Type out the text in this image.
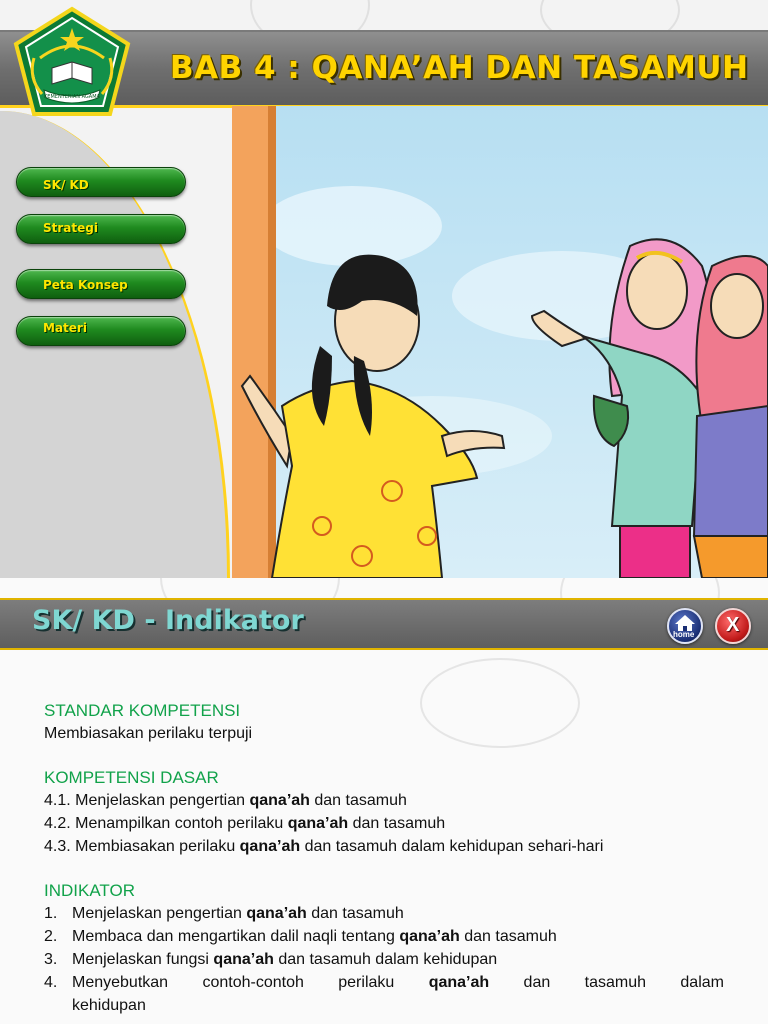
BAB 4 : QANA’AH DAN TASAMUH
SK/ KD
Strategi
Peta Konsep
Materi
KEMENTERIAN AGAMA
SK/ KD - Indikator	home X
STANDAR KOMPETENSI
Membiasakan perilaku terpuji
KOMPETENSI DASAR
4.1. Menjelaskan pengertian qana’ah dan tasamuh
4.2. Menampilkan contoh perilaku qana’ah dan tasamuh
4.3. Membiasakan perilaku qana’ah dan tasamuh dalam kehidupan sehari-hari
INDIKATOR
1. Menjelaskan pengertian qana’ah dan tasamuh
2. Membaca dan mengartikan dalil naqli tentang qana’ah dan tasamuh
3. Menjelaskan fungsi qana’ah dan tasamuh dalam kehidupan
4. Menyebutkan contoh-contoh perilaku qana’ah dan tasamuh dalam
kehidupan
